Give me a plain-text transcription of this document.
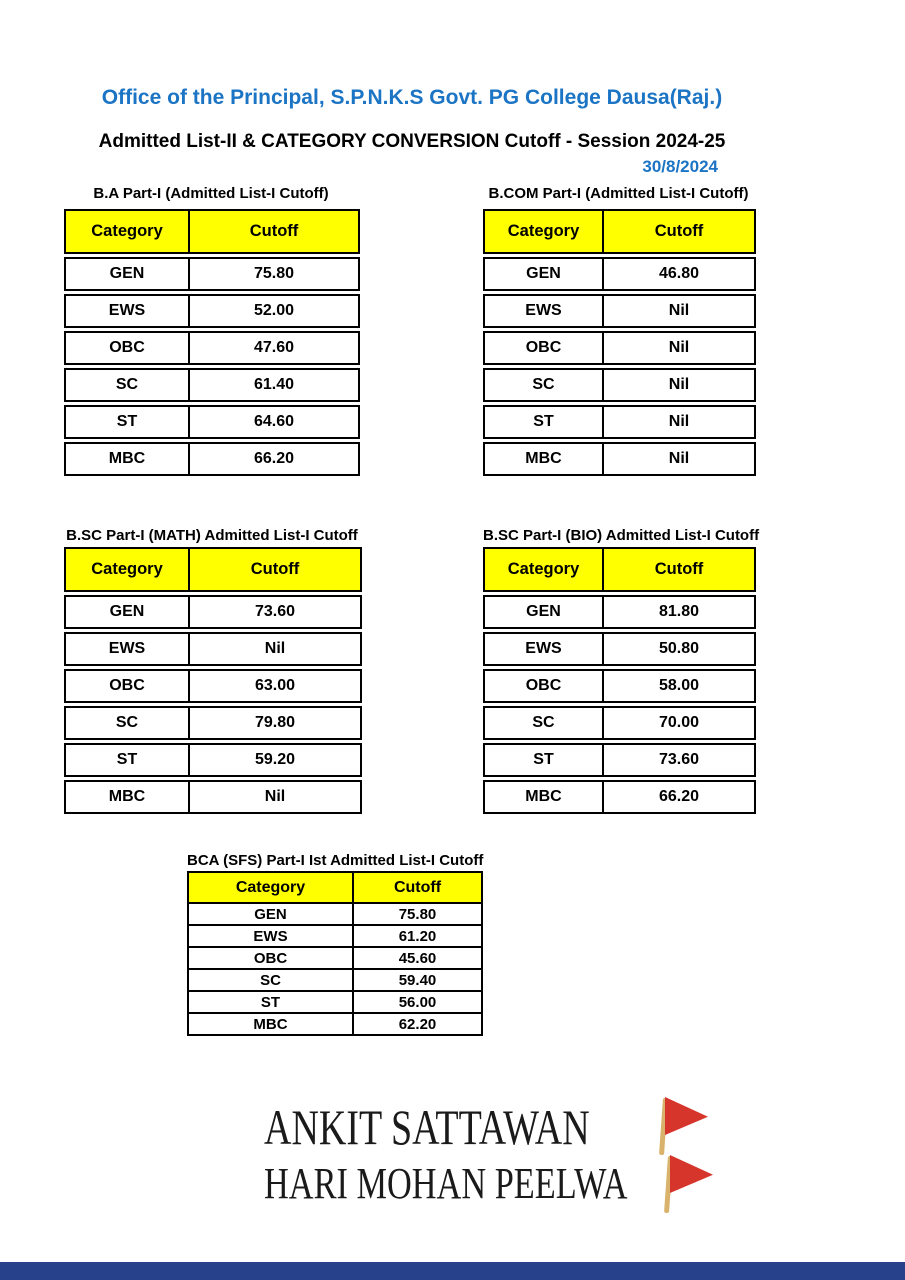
Office of the Principal, S.P.N.K.S Govt. PG College Dausa(Raj.)
Admitted List-II & CATEGORY CONVERSION Cutoff - Session 2024-25
30/8/2024
B.A Part-I (Admitted List-I Cutoff)
Category	Cutoff
GEN	75.80
EWS	52.00
OBC	47.60
SC	61.40
ST	64.60
MBC	66.20
B.COM Part-I (Admitted List-I Cutoff)
Category	Cutoff
GEN	46.80
EWS	Nil
OBC	Nil
SC	Nil
ST	Nil
MBC	Nil
B.SC Part-I (MATH) Admitted List-I Cutoff
Category	Cutoff
GEN	73.60
EWS	Nil
OBC	63.00
SC	79.80
ST	59.20
MBC	Nil
B.SC Part-I (BIO) Admitted List-I Cutoff
Category	Cutoff
GEN	81.80
EWS	50.80
OBC	58.00
SC	70.00
ST	73.60
MBC	66.20
BCA (SFS) Part-I Ist Admitted List-I Cutoff
Category	Cutoff
GEN	75.80
EWS	61.20
OBC	45.60
SC	59.40
ST	56.00
MBC	62.20
ANKIT SATTAWAN
HARI MOHAN PEELWA
